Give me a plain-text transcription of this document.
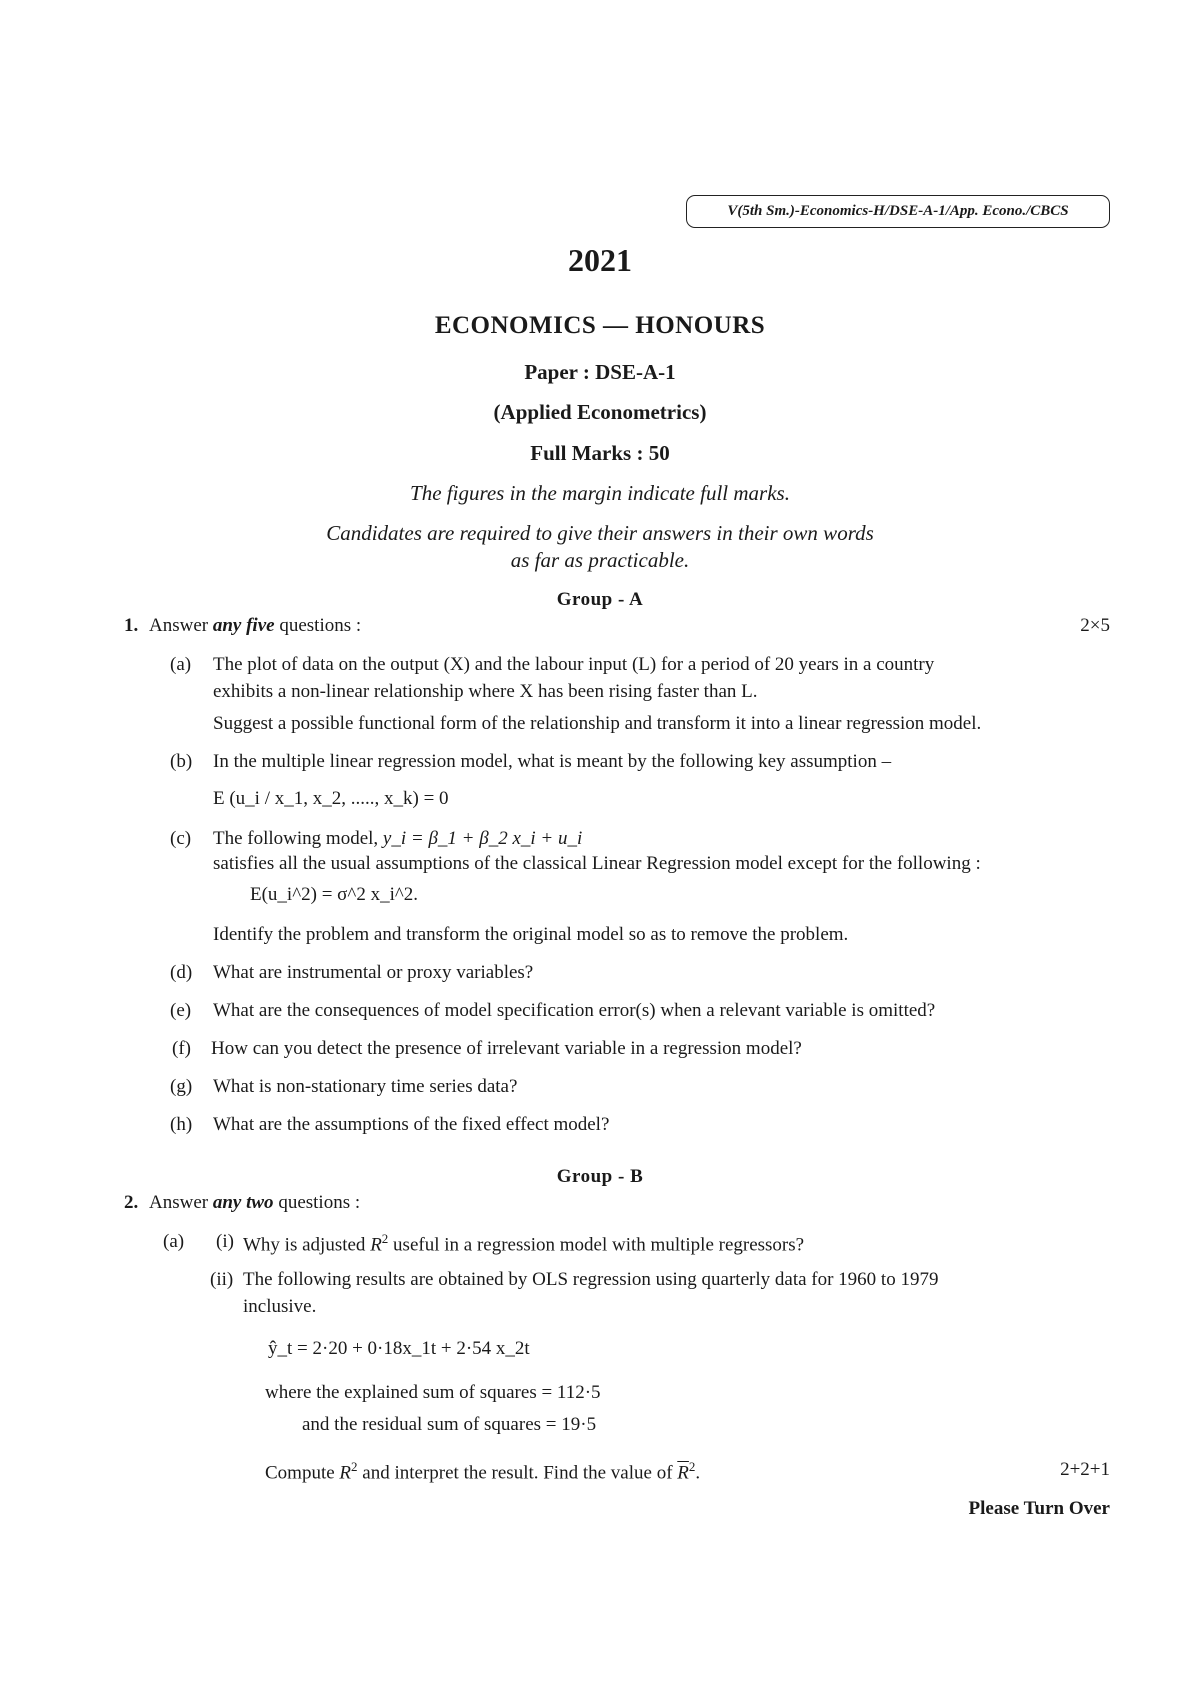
V(5th Sm.)-Economics-H/DSE-A-1/App. Econo./CBCS
2021
ECONOMICS — HONOURS
Paper : DSE-A-1
(Applied Econometrics)
Full Marks : 50
The figures in the margin indicate full marks.
Candidates are required to give their answers in their own words
as far as practicable.
Group - A
1. Answer any five questions :	2×5
(a) The plot of data on the output (X) and the labour input (L) for a period of 20 years in a country
exhibits a non-linear relationship where X has been rising faster than L.
Suggest a possible functional form of the relationship and transform it into a linear regression model.
(b) In the multiple linear regression model, what is meant by the following key assumption –
E (u_i / x_1, x_2, ....., x_k) = 0
(c) The following model, y_i = β_1 + β_2 x_i + u_i
satisfies all the usual assumptions of the classical Linear Regression model except for the following :
E(u_i^2) = σ^2 x_i^2.
Identify the problem and transform the original model so as to remove the problem.
(d) What are instrumental or proxy variables?
(e) What are the consequences of model specification error(s) when a relevant variable is omitted?
(f) How can you detect the presence of irrelevant variable in a regression model?
(g) What is non-stationary time series data?
(h) What are the assumptions of the fixed effect model?
Group - B
2. Answer any two questions :
(a) (i) Why is adjusted $R^2$ useful in a regression model with multiple regressors?
(ii) The following results are obtained by OLS regression using quarterly data for 1960 to 1979
inclusive.
ŷ_t = 2·20 + 0·18x_1t + 2·54 x_2t
where the explained sum of squares = 112·5
and the residual sum of squares = 19·5
Compute $R^2$ and interpret the result. Find the value of $\overline{R}^2$.	2+2+1
Please Turn Over
